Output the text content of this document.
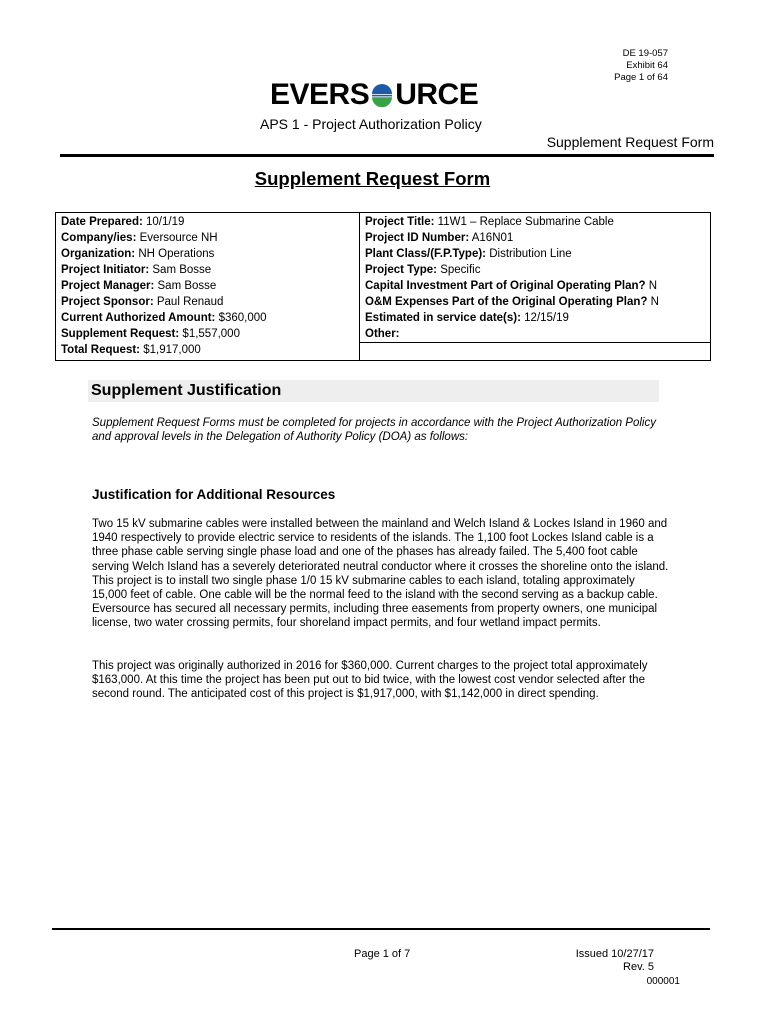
DE 19-057
Exhibit 64
Page 1 of 64
EVERS URCE
APS 1 - Project Authorization Policy
Supplement Request Form
Supplement Request Form
Date Prepared: 10/1/19
Company/ies: Eversource NH
Organization: NH Operations
Project Initiator: Sam Bosse
Project Manager: Sam Bosse
Project Sponsor: Paul Renaud
Current Authorized Amount: $360,000
Supplement Request: $1,557,000
Total Request: $1,917,000

Project Title: 11W1 – Replace Submarine Cable
Project ID Number: A16N01
Plant Class/(F.P.Type): Distribution Line
Project Type: Specific
Capital Investment Part of Original Operating Plan? N
O&M Expenses Part of the Original Operating Plan? N
Estimated in service date(s): 12/15/19
Other:
Supplement Justification
Supplement Request Forms must be completed for projects in accordance with the Project Authorization Policy and approval levels in the Delegation of Authority Policy (DOA) as follows:
Justification for Additional Resources
Two 15 kV submarine cables were installed between the mainland and Welch Island & Lockes Island in 1960 and 1940 respectively to provide electric service to residents of the islands. The 1,100 foot Lockes Island cable is a three phase cable serving single phase load and one of the phases has already failed. The 5,400 foot cable serving Welch Island has a severely deteriorated neutral conductor where it crosses the shoreline onto the island. This project is to install two single phase 1/0 15 kV submarine cables to each island, totaling approximately 15,000 feet of cable. One cable will be the normal feed to the island with the second serving as a backup cable. Eversource has secured all necessary permits, including three easements from property owners, one municipal license, two water crossing permits, four shoreland impact permits, and four wetland impact permits.
This project was originally authorized in 2016 for $360,000. Current charges to the project total approximately $163,000. At this time the project has been put out to bid twice, with the lowest cost vendor selected after the second round. The anticipated cost of this project is $1,917,000, with $1,142,000 in direct spending.
Page 1 of 7	Issued 10/27/17
Rev. 5
000001
